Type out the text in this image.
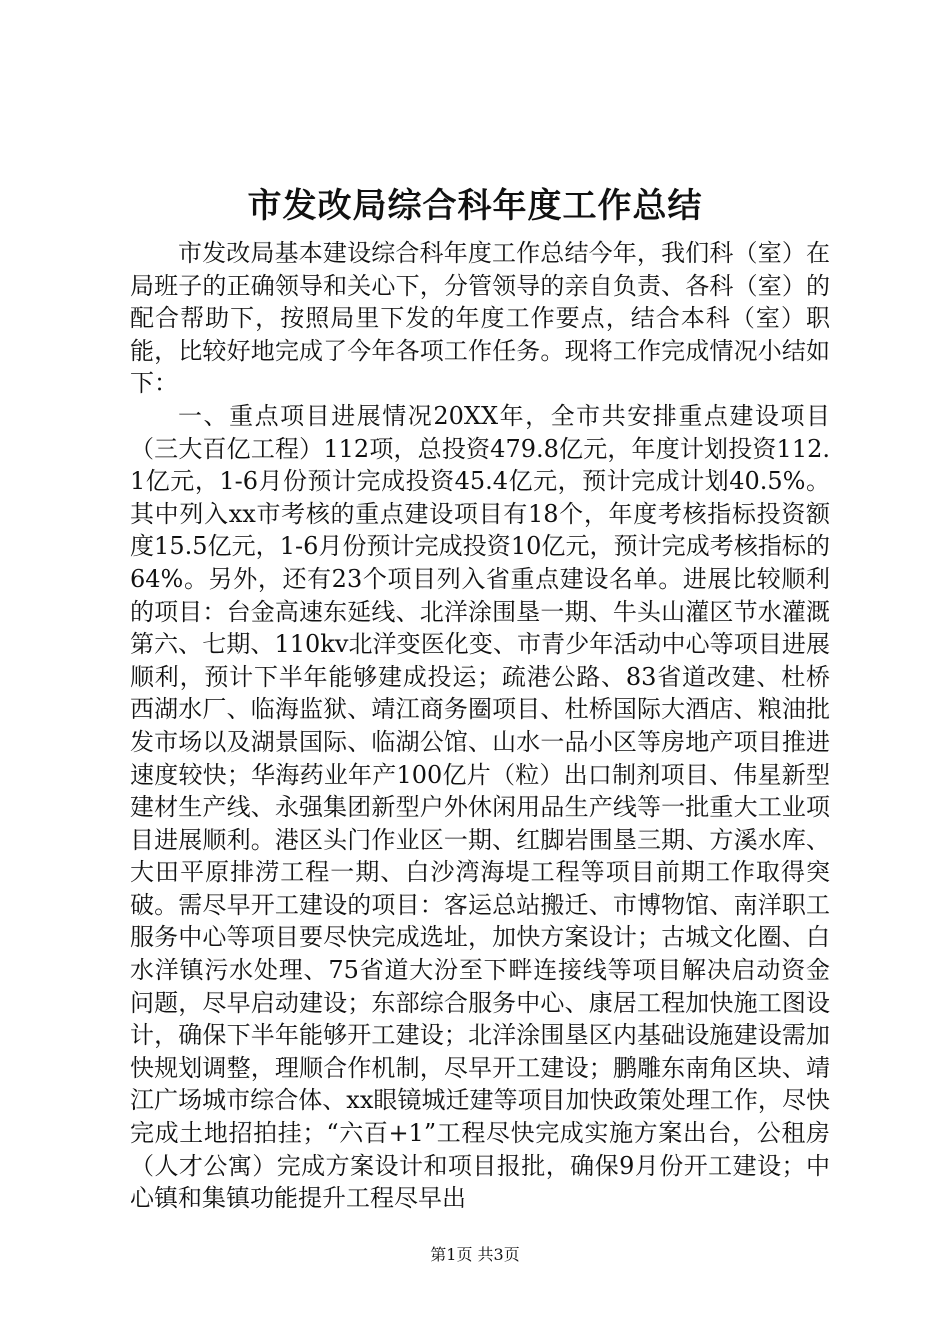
市发改局综合科年度工作总结

市发改局基本建设综合科年度工作总结今年，我们科（室）在局班子的正确领导和关心下，分管领导的亲自负责、各科（室）的配合帮助下，按照局里下发的年度工作要点，结合本科（室）职能，比较好地完成了今年各项工作任务。现将工作完成情况小结如下：

一、重点项目进展情况20XX年，全市共安排重点建设项目（三大百亿工程）112项，总投资479.8亿元，年度计划投资112.1亿元，1-6月份预计完成投资45.4亿元，预计完成计划40.5%。其中列入xx市考核的重点建设项目有18个，年度考核指标投资额度15.5亿元，1-6月份预计完成投资10亿元，预计完成考核指标的64%。另外，还有23个项目列入省重点建设名单。进展比较顺利的项目：台金高速东延线、北洋涂围垦一期、牛头山灌区节水灌溉第六、七期、110kv北洋变医化变、市青少年活动中心等项目进展顺利，预计下半年能够建成投运；疏港公路、83省道改建、杜桥西湖水厂、临海监狱、靖江商务圈项目、杜桥国际大酒店、粮油批发市场以及湖景国际、临湖公馆、山水一品小区等房地产项目推进速度较快；华海药业年产100亿片（粒）出口制剂项目、伟星新型建材生产线、永强集团新型户外休闲用品生产线等一批重大工业项目进展顺利。港区头门作业区一期、红脚岩围垦三期、方溪水库、大田平原排涝工程一期、白沙湾海堤工程等项目前期工作取得突破。需尽早开工建设的项目：客运总站搬迁、市博物馆、南洋职工服务中心等项目要尽快完成选址，加快方案设计；古城文化圈、白水洋镇污水处理、75省道大汾至下畔连接线等项目解决启动资金问题，尽早启动建设；东部综合服务中心、康居工程加快施工图设计，确保下半年能够开工建设；北洋涂围垦区内基础设施建设需加快规划调整，理顺合作机制，尽早开工建设；鹏雕东南角区块、靖江广场城市综合体、xx眼镜城迁建等项目加快政策处理工作，尽快完成土地招拍挂；“六百+1”工程尽快完成实施方案出台，公租房（人才公寓）完成方案设计和项目报批，确保9月份开工建设；中心镇和集镇功能提升工程尽早出

第1页 共3页
